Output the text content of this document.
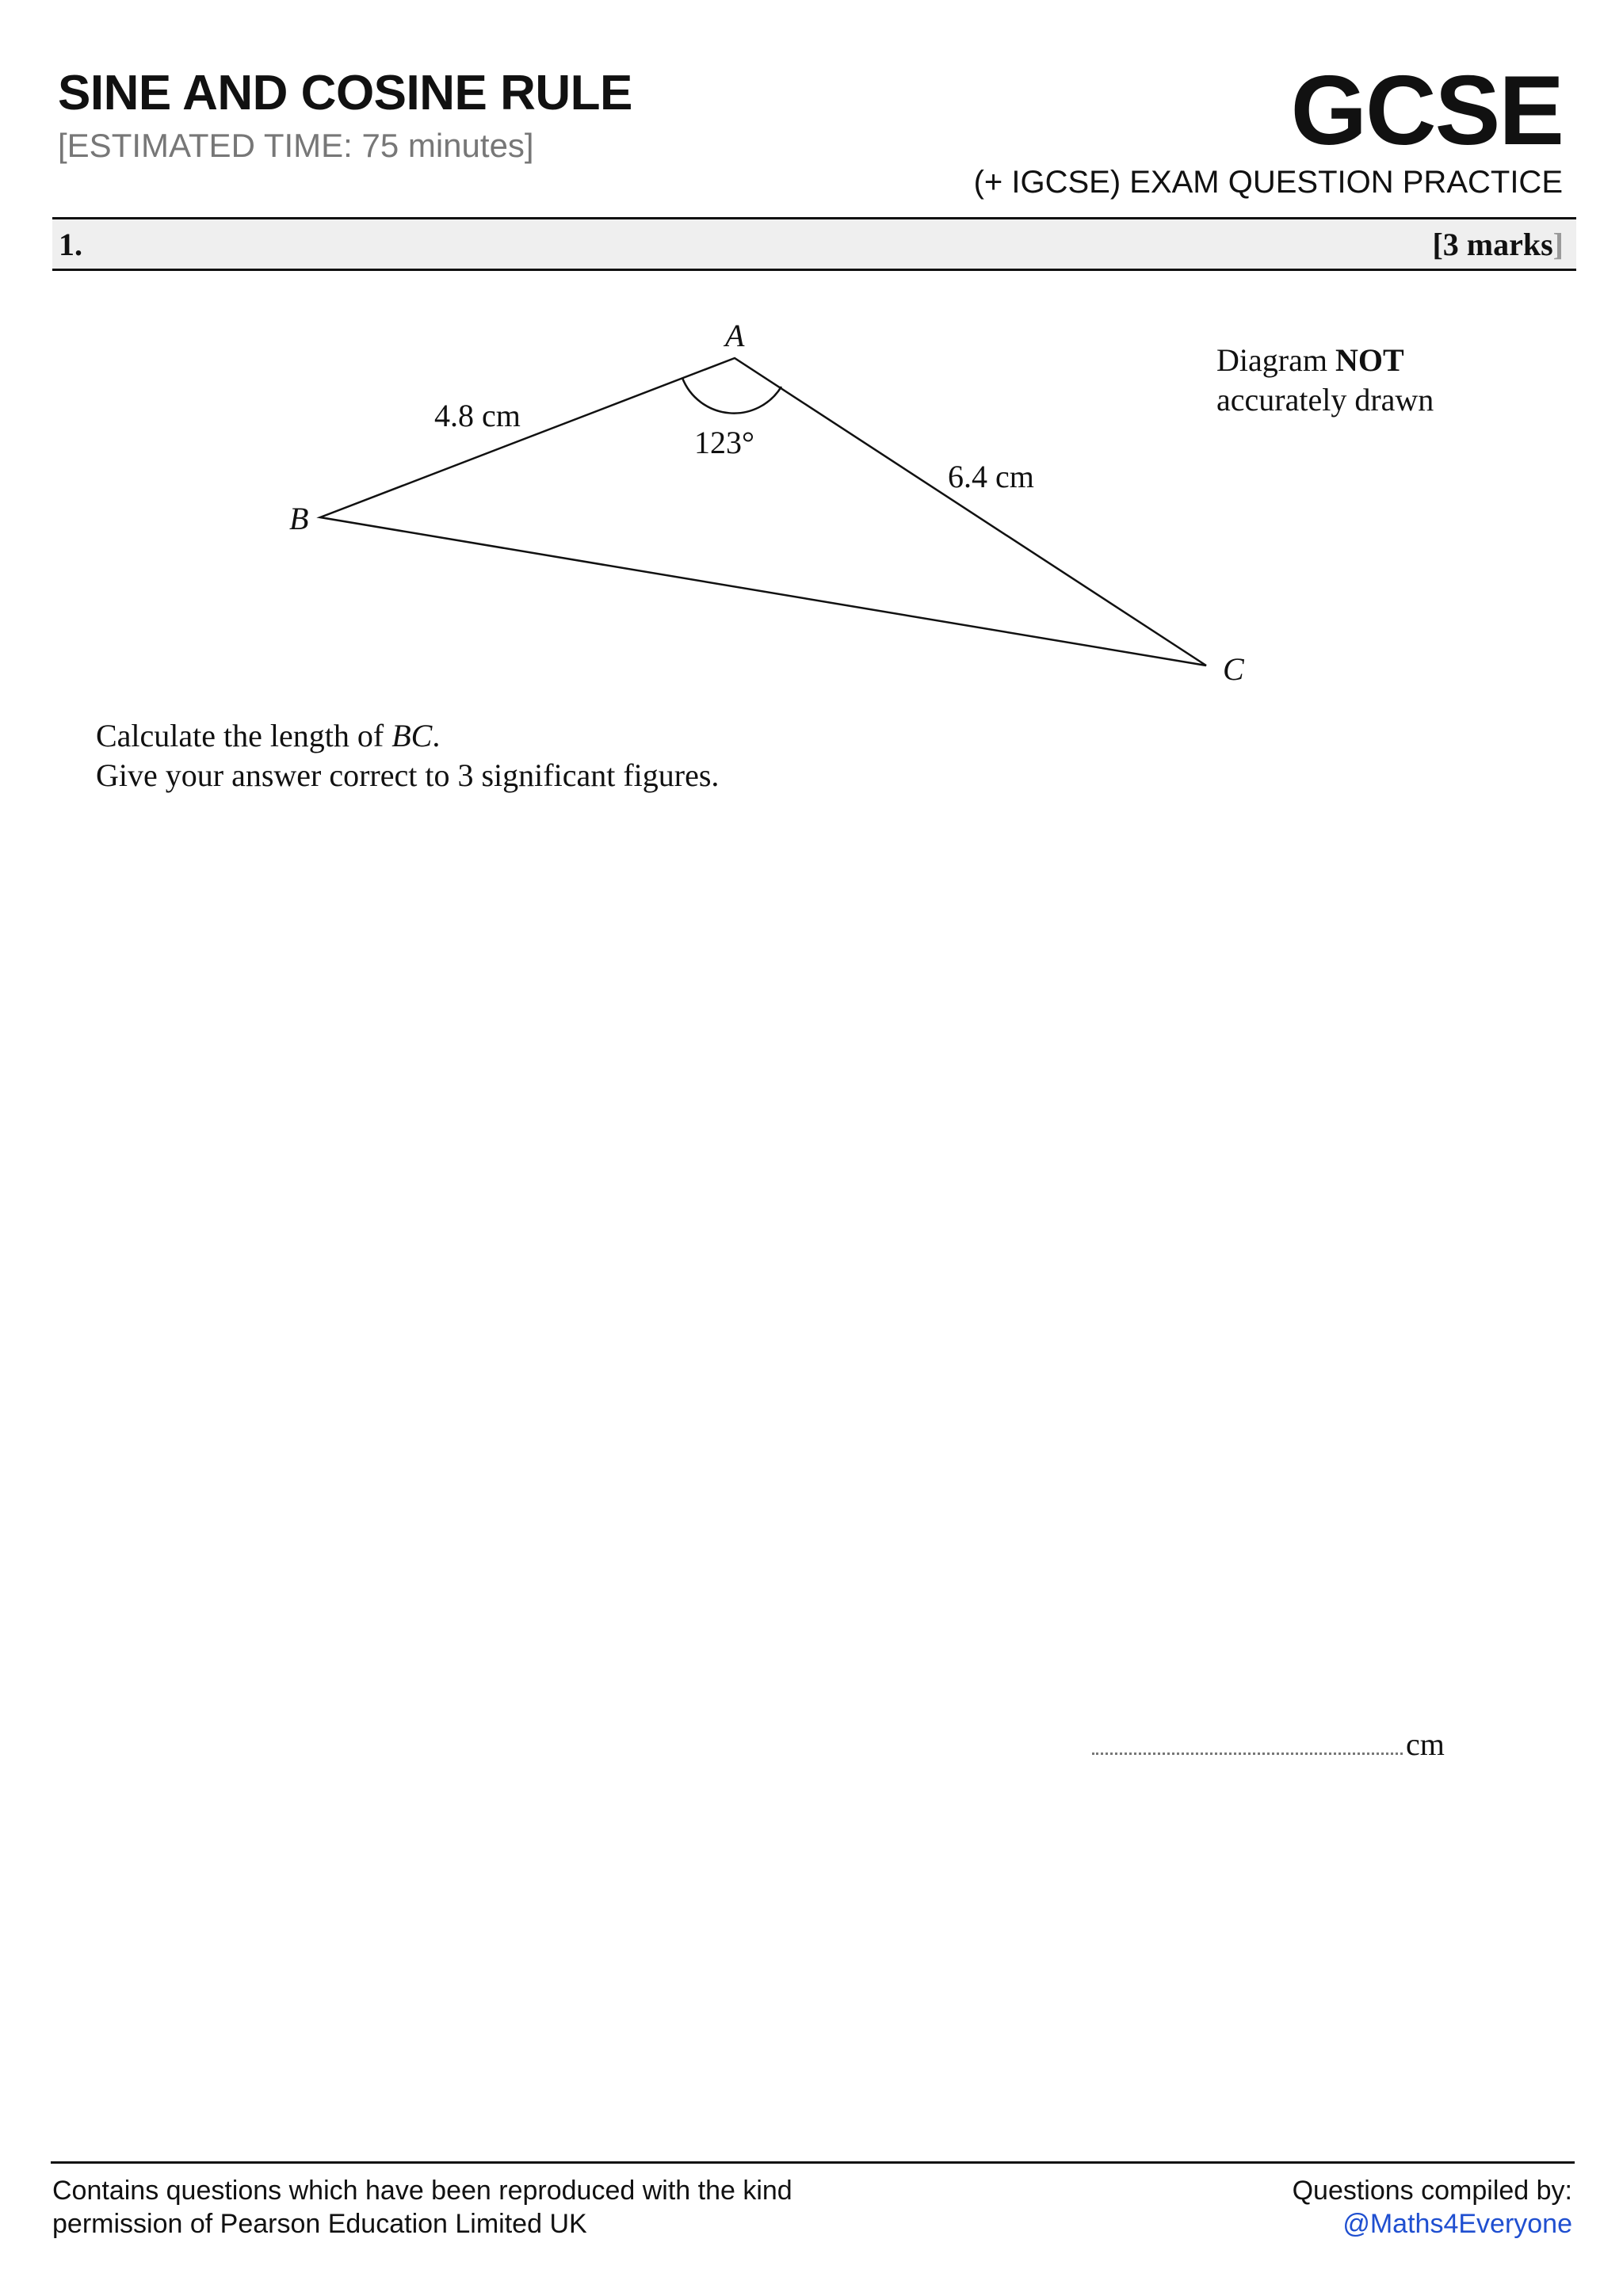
SINE AND COSINE RULE
[ESTIMATED TIME: 75 minutes]	GCSE
(+ IGCSE) EXAM QUESTION PRACTICE
1.	[3 marks]
A
B
C
4.8 cm
6.4 cm
123°
Diagram NOT
accurately drawn
Calculate the length of BC.
Give your answer correct to 3 significant figures.
cm
Contains questions which have been reproduced with the kind
permission of Pearson Education Limited UK
Questions compiled by:
@Maths4Everyone
